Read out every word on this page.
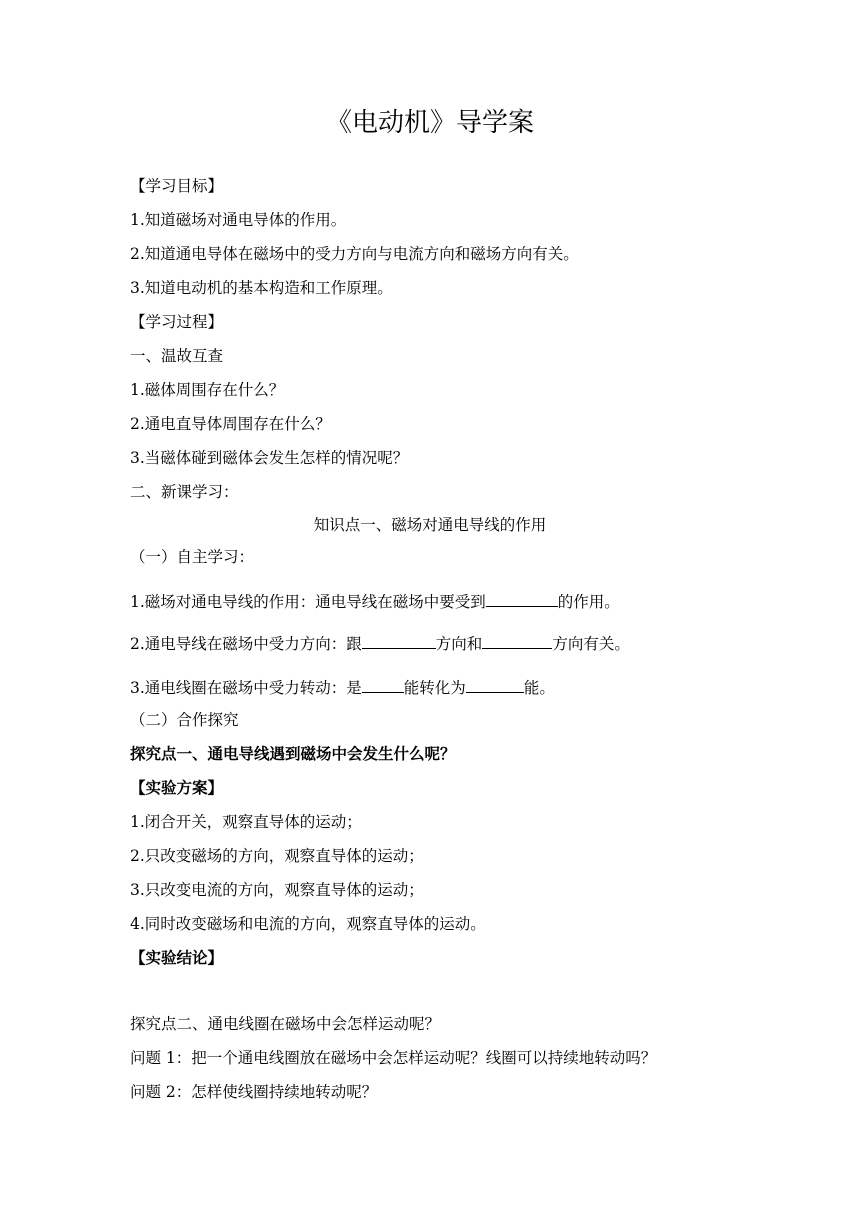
《电动机》导学案
【学习目标】
1.知道磁场对通电导体的作用。
2.知道通电导体在磁场中的受力方向与电流方向和磁场方向有关。
3.知道电动机的基本构造和工作原理。
【学习过程】
一、温故互查
1.磁体周围存在什么？
2.通电直导体周围存在什么？
3.当磁体碰到磁体会发生怎样的情况呢？
二、新课学习：
知识点一、磁场对通电导线的作用
（一）自主学习：
1.磁场对通电导线的作用：通电导线在磁场中要受到	的作用。
2.通电导线在磁场中受力方向：跟	方向和	方向有关。
3.通电线圈在磁场中受力转动：是	能转化为	能。
（二）合作探究
探究点一、通电导线遇到磁场中会发生什么呢？
【实验方案】
1.闭合开关，观察直导体的运动；
2.只改变磁场的方向，观察直导体的运动；
3.只改变电流的方向，观察直导体的运动；
4.同时改变磁场和电流的方向，观察直导体的运动。
【实验结论】
探究点二、通电线圈在磁场中会怎样运动呢？
问题 1：把一个通电线圈放在磁场中会怎样运动呢？线圈可以持续地转动吗？
问题 2：怎样使线圈持续地转动呢？
